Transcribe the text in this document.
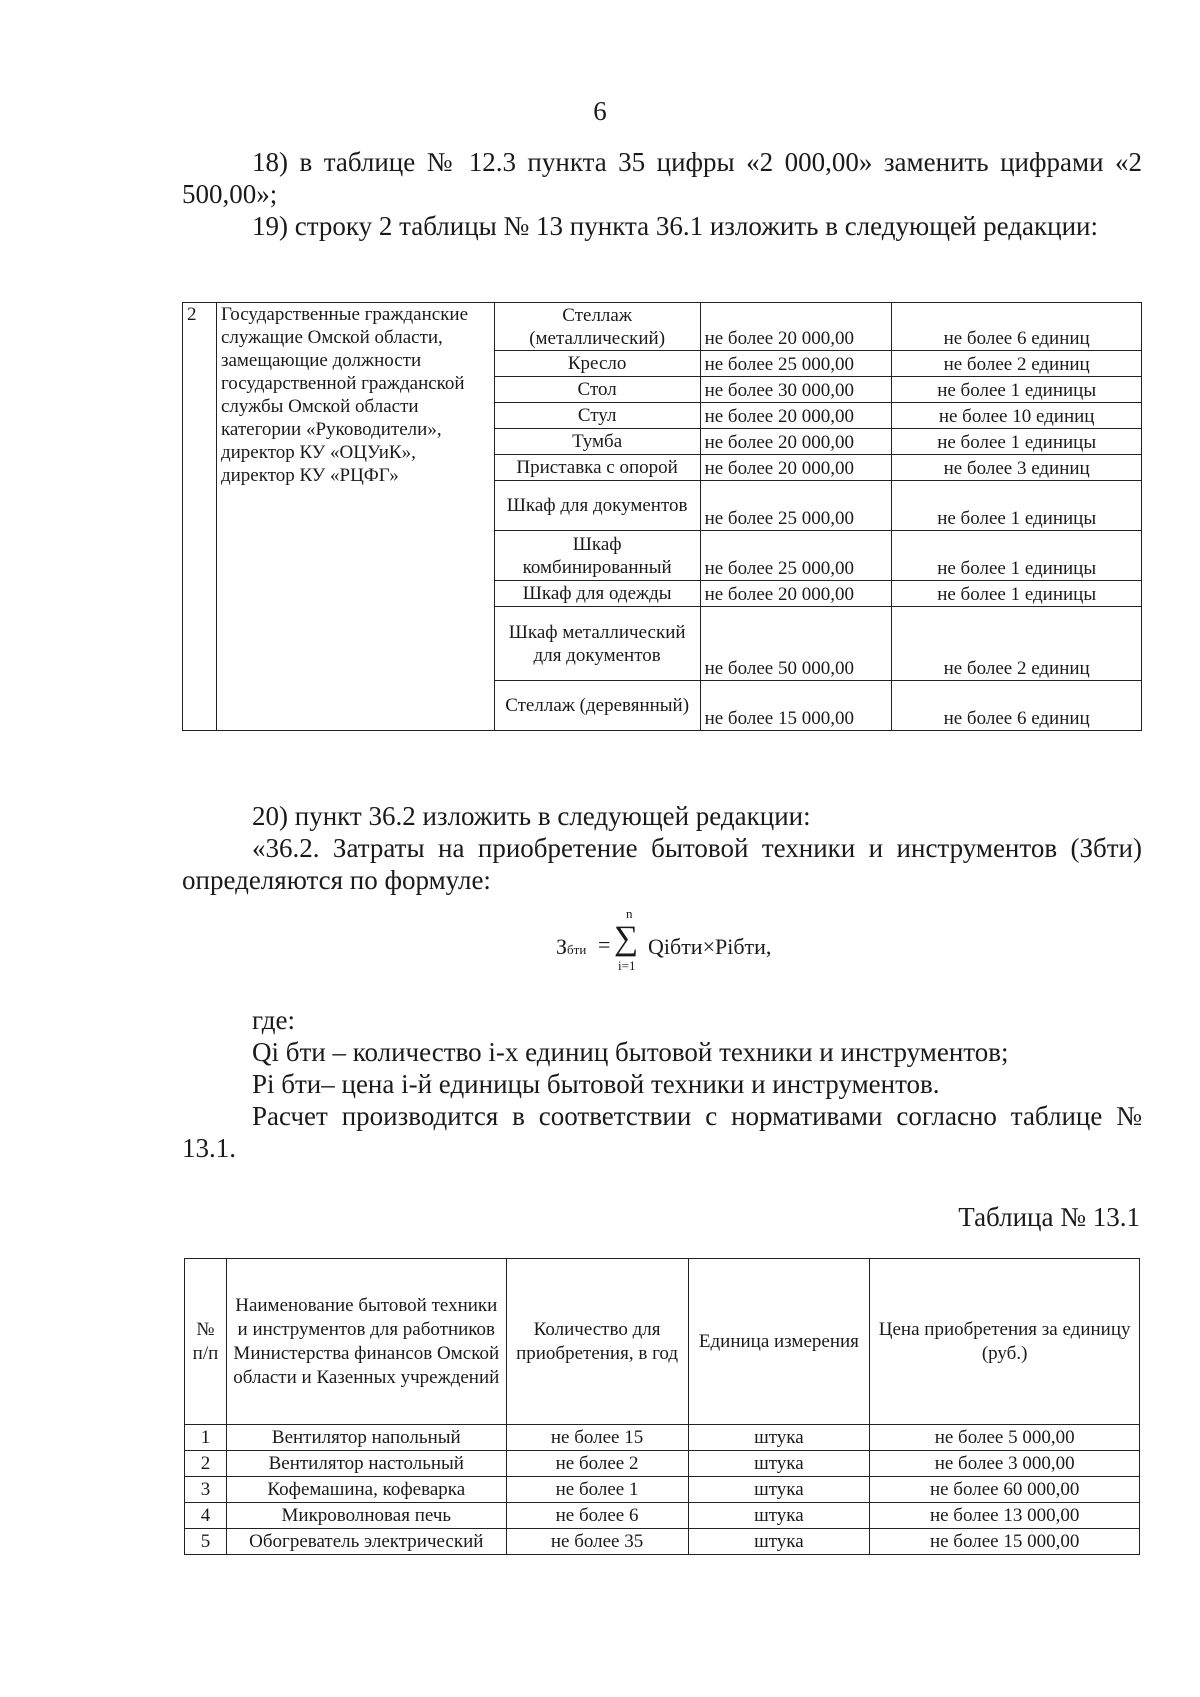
6
18) в таблице № 12.3 пункта 35 цифры «2 000,00» заменить цифрами «2 500,00»;
19) строку 2 таблицы № 13 пункта 36.1 изложить в следующей редакции:
2	Государственные гражданские служащие Омской области, замещающие должности государственной гражданской службы Омской области категории «Руководители», директор КУ «ОЦУиК», директор КУ «РЦФГ»	Стеллаж (металлический)	не более 20 000,00	не более 6 единиц
		Кресло	не более 25 000,00	не более 2 единиц
		Стол	не более 30 000,00	не более 1 единицы
		Стул	не более 20 000,00	не более 10 единиц
		Тумба	не более 20 000,00	не более 1 единицы
		Приставка с опорой	не более 20 000,00	не более 3 единиц
		Шкаф для документов	не более 25 000,00	не более 1 единицы
		Шкаф комбинированный	не более 25 000,00	не более 1 единицы
		Шкаф для одежды	не более 20 000,00	не более 1 единицы
		Шкаф металлический для документов	не более 50 000,00	не более 2 единиц
		Стеллаж (деревянный)	не более 15 000,00	не более 6 единиц
20) пункт 36.2 изложить в следующей редакции:
«36.2. Затраты на приобретение бытовой техники и инструментов (Збти) определяются по формуле:
Збти = ∑
n
i=1
Qiбти×Piбти,
где:
Qi бти – количество i-х единиц бытовой техники и инструментов;
Pi бти– цена i-й единицы бытовой техники и инструментов.
Расчет производится в соответствии с нормативами согласно таблице № 13.1.
Таблица № 13.1
№ п/п	Наименование бытовой техники и инструментов для работников Министерства финансов Омской области и Казенных учреждений	Количество для приобретения, в год	Единица измерения	Цена приобретения за единицу (руб.)
1	Вентилятор напольный	не более 15	штука	не более 5 000,00
2	Вентилятор настольный	не более 2	штука	не более 3 000,00
3	Кофемашина, кофеварка	не более 1	штука	не более 60 000,00
4	Микроволновая печь	не более 6	штука	не более 13 000,00
5	Обогреватель электрический	не более 35	штука	не более 15 000,00
